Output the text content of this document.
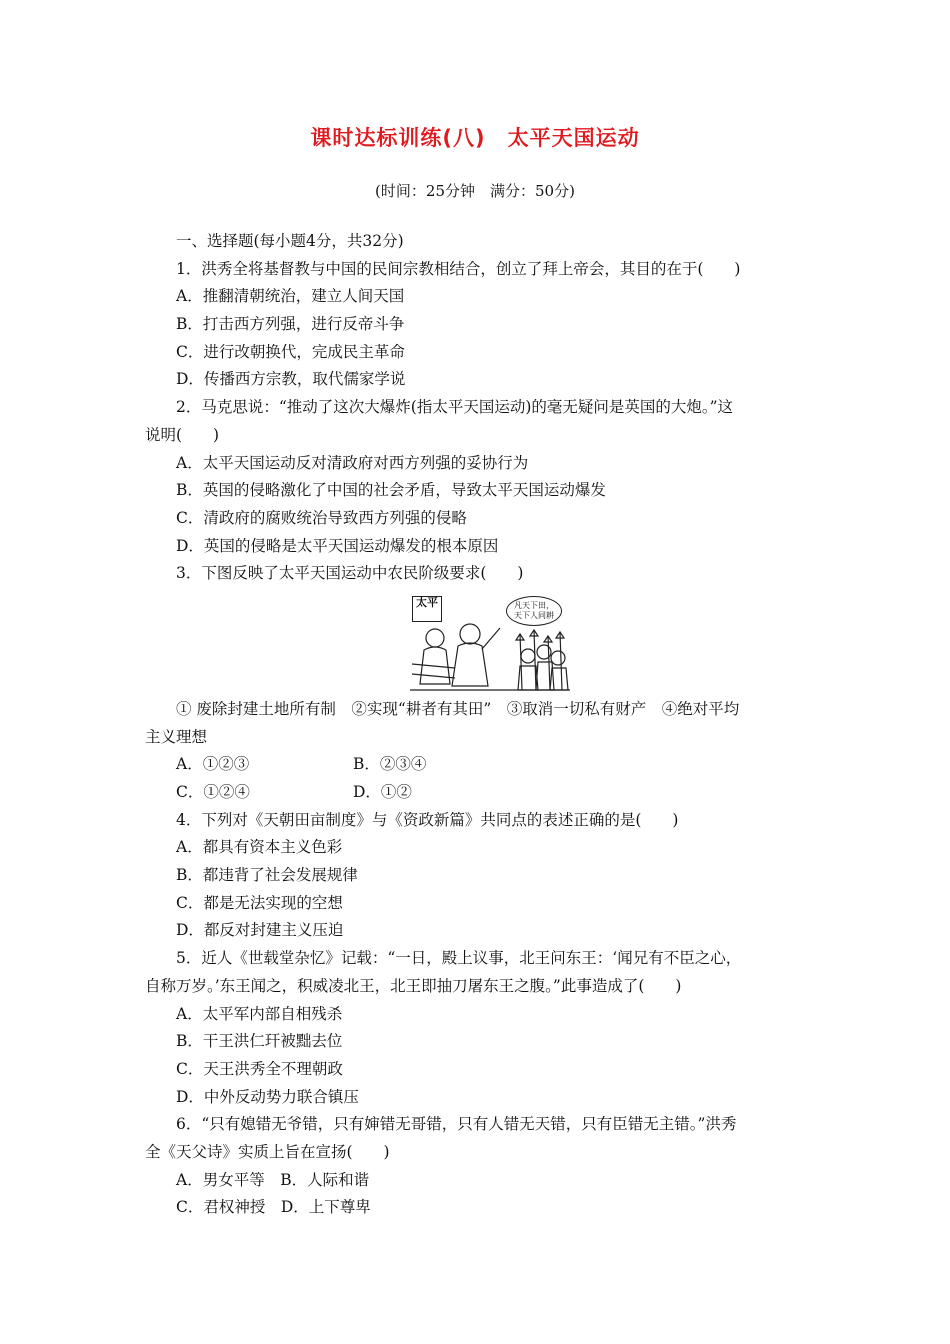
课时达标训练(八)　太平天国运动
(时间：25分钟　满分：50分)
一、选择题(每小题4分，共32分)
1．洪秀全将基督教与中国的民间宗教相结合，创立了拜上帝会，其目的在于(　　)
A．推翻清朝统治，建立人间天国
B．打击西方列强，进行反帝斗争
C．进行改朝换代，完成民主革命
D．传播西方宗教，取代儒家学说
2．马克思说：“推动了这次大爆炸(指太平天国运动)的毫无疑问是英国的大炮。”这
说明(　　)
A．太平天国运动反对清政府对西方列强的妥协行为
B．英国的侵略激化了中国的社会矛盾，导致太平天国运动爆发
C．清政府的腐败统治导致西方列强的侵略
D．英国的侵略是太平天国运动爆发的根本原因
3．下图反映了太平天国运动中农民阶级要求(　　)
太平	凡天下田，
天下人同耕
① 废除封建土地所有制　②实现“耕者有其田”　③取消一切私有财产　④绝对平均
主义理想
A．①②③	B．②③④
C．①②④	D．①②
4．下列对《天朝田亩制度》与《资政新篇》共同点的表述正确的是(　　)
A．都具有资本主义色彩
B．都违背了社会发展规律
C．都是无法实现的空想
D．都反对封建主义压迫
5．近人《世载堂杂忆》记载：“一日，殿上议事，北王问东王：‘闻兄有不臣之心，
自称万岁。’东王闻之，积威凌北王，北王即抽刀屠东王之腹。”此事造成了(　　)
A．太平军内部自相残杀
B．干王洪仁玕被黜去位
C．天王洪秀全不理朝政
D．中外反动势力联合镇压
6．“只有媳错无爷错，只有婶错无哥错，只有人错无天错，只有臣错无主错。”洪秀
全《天父诗》实质上旨在宣扬(　　)
A．男女平等　B．人际和谐
C．君权神授　D．上下尊卑
